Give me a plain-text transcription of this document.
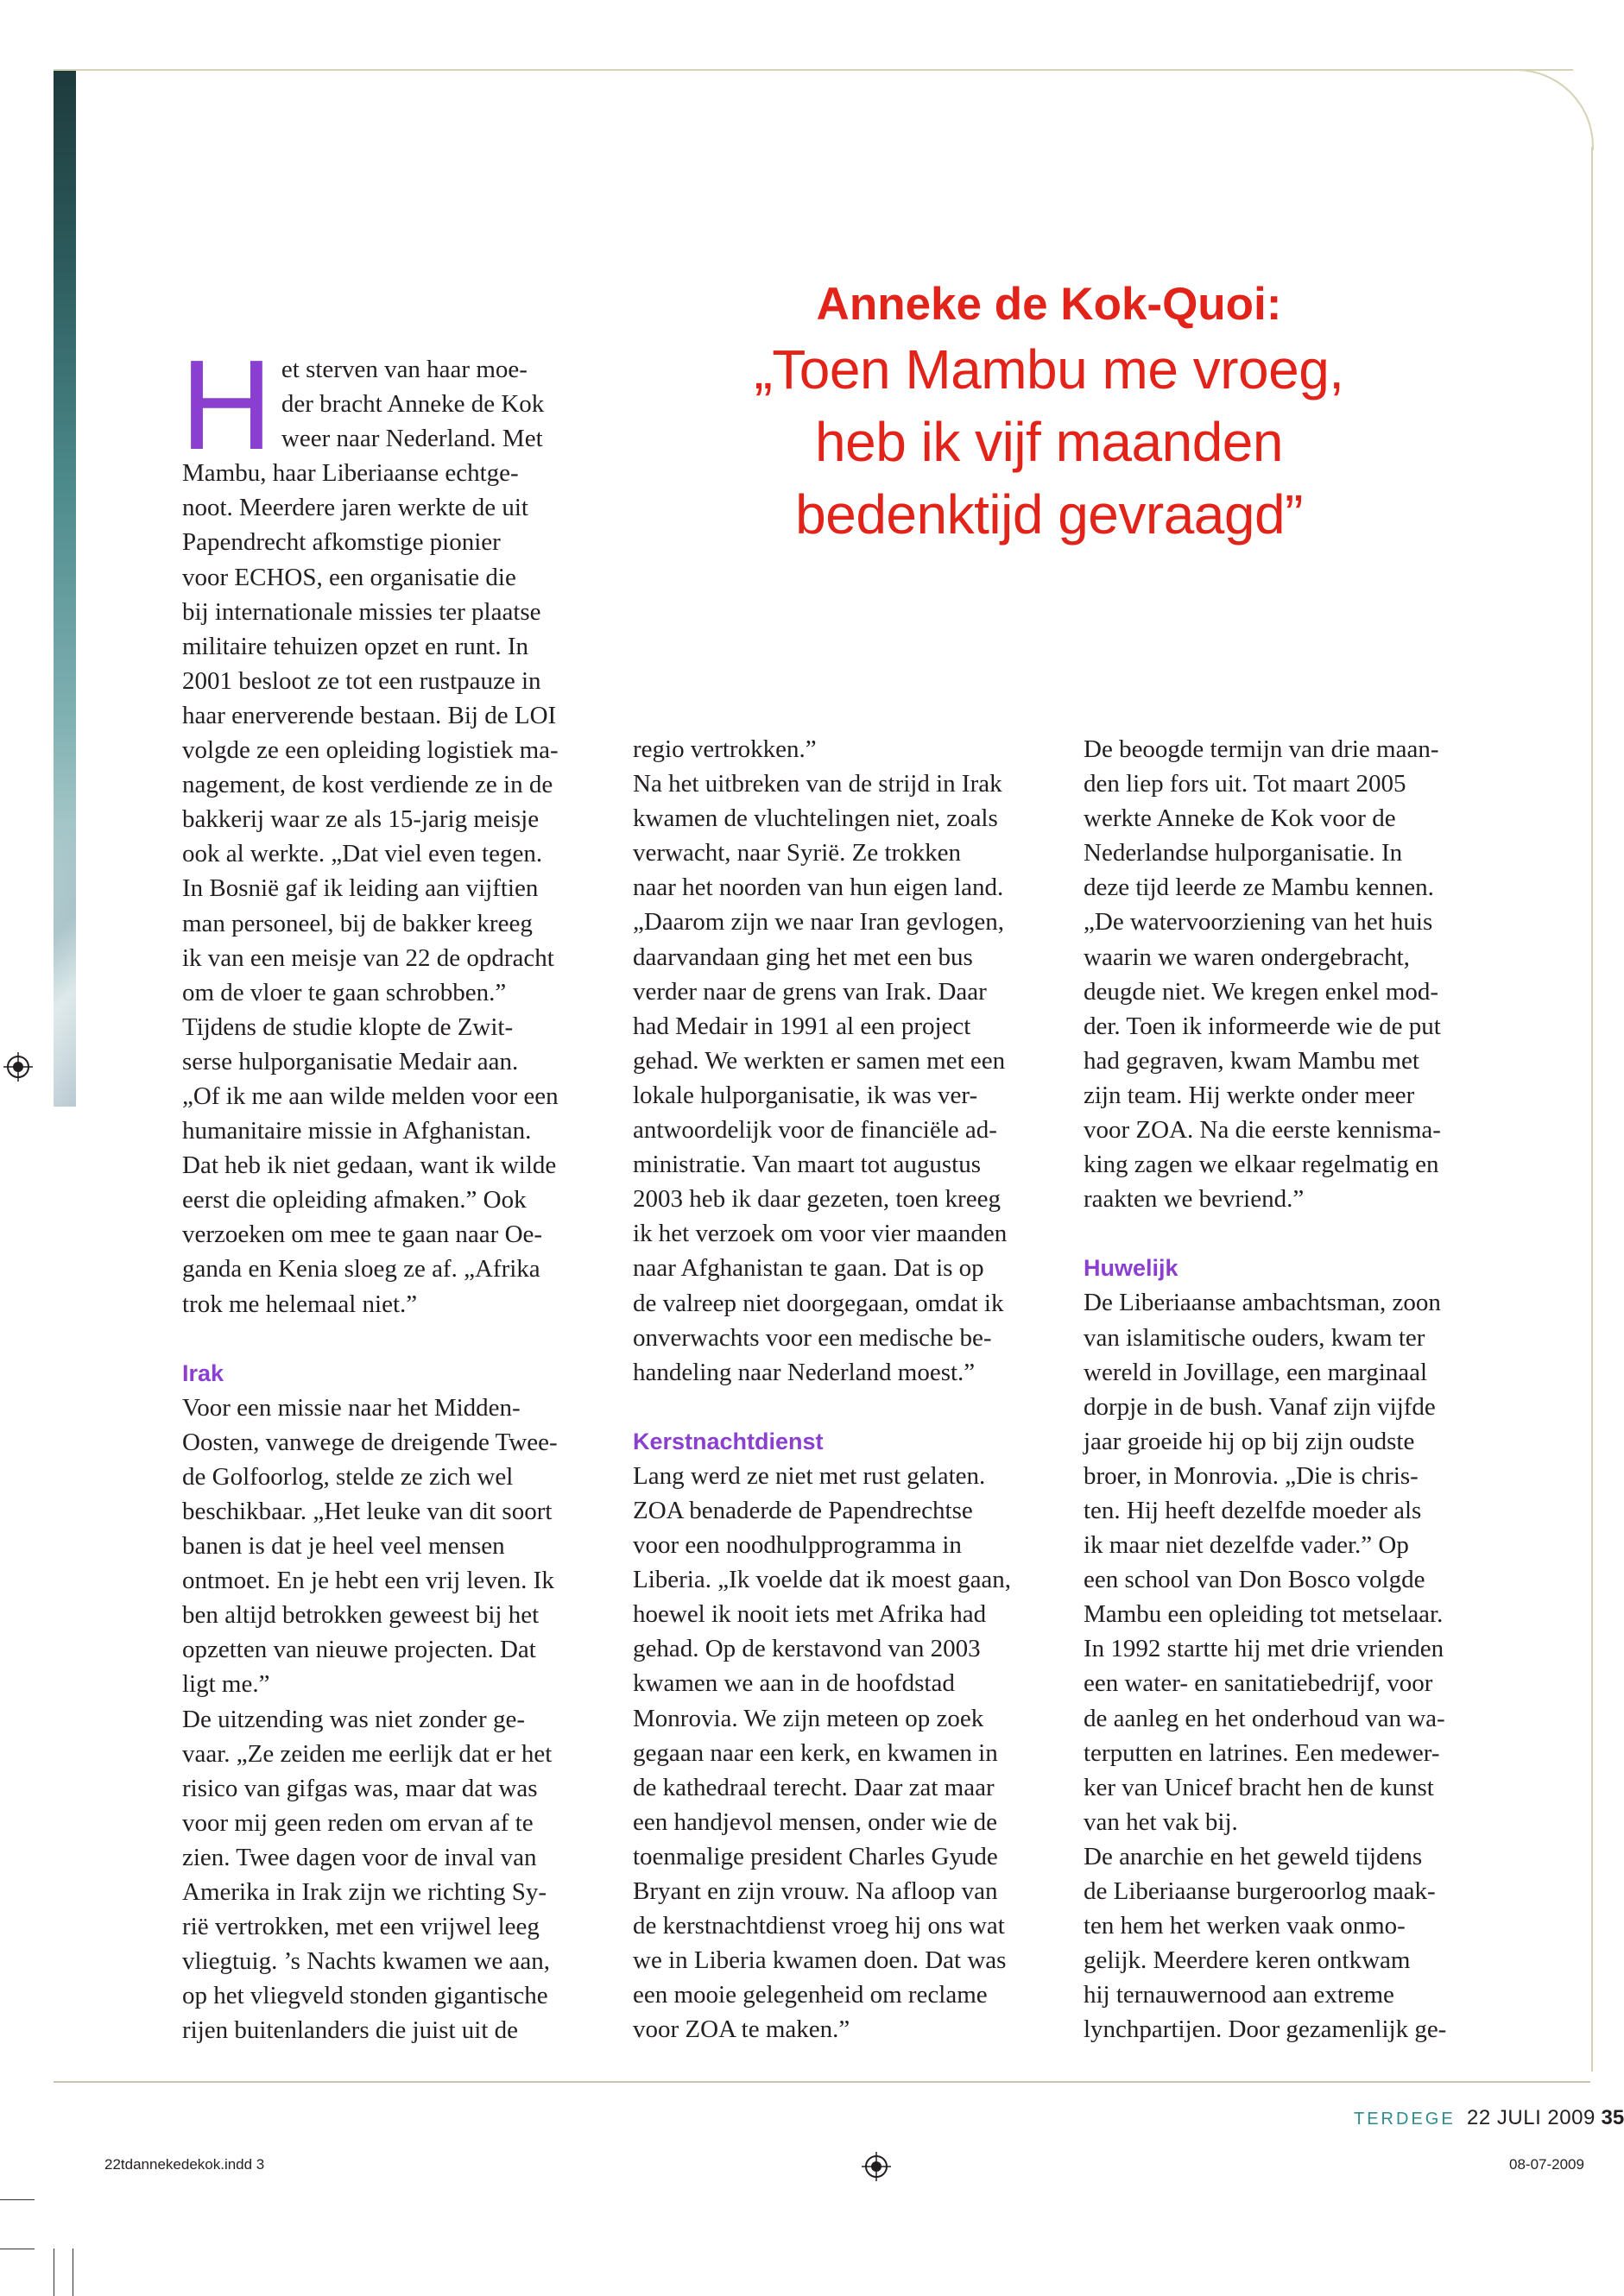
Anneke de Kok-Quoi:
„Toen Mambu me vroeg,
heb ik vijf maanden
bedenktijd gevraagd”
H et sterven van haar moe-
der bracht Anneke de Kok
weer naar Nederland. Met
Mambu, haar Liberiaanse echtge-
noot. Meerdere jaren werkte de uit
Papendrecht afkomstige pionier
voor ECHOS, een organisatie die
bij internationale missies ter plaatse
militaire tehuizen opzet en runt. In
2001 besloot ze tot een rustpauze in
haar enerverende bestaan. Bij de LOI
volgde ze een opleiding logistiek ma-
nagement, de kost verdiende ze in de
bakkerij waar ze als 15-jarig meisje
ook al werkte. „Dat viel even tegen.
In Bosnië gaf ik leiding aan vijftien
man personeel, bij de bakker kreeg
ik van een meisje van 22 de opdracht
om de vloer te gaan schrobben.”
Tijdens de studie klopte de Zwit-
serse hulporganisatie Medair aan.
„Of ik me aan wilde melden voor een
humanitaire missie in Afghanistan.
Dat heb ik niet gedaan, want ik wilde
eerst die opleiding afmaken.” Ook
verzoeken om mee te gaan naar Oe-
ganda en Kenia sloeg ze af. „Afrika
trok me helemaal niet.”

Irak

Voor een missie naar het Midden-
Oosten, vanwege de dreigende Twee-
de Golfoorlog, stelde ze zich wel
beschikbaar. „Het leuke van dit soort
banen is dat je heel veel mensen
ontmoet. En je hebt een vrij leven. Ik
ben altijd betrokken geweest bij het
opzetten van nieuwe projecten. Dat
ligt me.”
De uitzending was niet zonder ge-
vaar. „Ze zeiden me eerlijk dat er het
risico van gifgas was, maar dat was
voor mij geen reden om ervan af te
zien. Twee dagen voor de inval van
Amerika in Irak zijn we richting Sy-
rië vertrokken, met een vrijwel leeg
vliegtuig. ’s Nachts kwamen we aan,
op het vliegveld stonden gigantische
rijen buitenlanders die juist uit de
regio vertrokken.”
Na het uitbreken van de strijd in Irak
kwamen de vluchtelingen niet, zoals
verwacht, naar Syrië. Ze trokken
naar het noorden van hun eigen land.
„Daarom zijn we naar Iran gevlogen,
daarvandaan ging het met een bus
verder naar de grens van Irak. Daar
had Medair in 1991 al een project
gehad. We werkten er samen met een
lokale hulporganisatie, ik was ver-
antwoordelijk voor de financiële ad-
ministratie. Van maart tot augustus
2003 heb ik daar gezeten, toen kreeg
ik het verzoek om voor vier maanden
naar Afghanistan te gaan. Dat is op
de valreep niet doorgegaan, omdat ik
onverwachts voor een medische be-
handeling naar Nederland moest.”

Kerstnachtdienst

Lang werd ze niet met rust gelaten.
ZOA benaderde de Papendrechtse
voor een noodhulpprogramma in
Liberia. „Ik voelde dat ik moest gaan,
hoewel ik nooit iets met Afrika had
gehad. Op de kerstavond van 2003
kwamen we aan in de hoofdstad
Monrovia. We zijn meteen op zoek
gegaan naar een kerk, en kwamen in
de kathedraal terecht. Daar zat maar
een handjevol mensen, onder wie de
toenmalige president Charles Gyude
Bryant en zijn vrouw. Na afloop van
de kerstnachtdienst vroeg hij ons wat
we in Liberia kwamen doen. Dat was
een mooie gelegenheid om reclame
voor ZOA te maken.”
De beoogde termijn van drie maan-
den liep fors uit. Tot maart 2005
werkte Anneke de Kok voor de
Nederlandse hulporganisatie. In
deze tijd leerde ze Mambu kennen.
„De watervoorziening van het huis
waarin we waren ondergebracht,
deugde niet. We kregen enkel mod-
der. Toen ik informeerde wie de put
had gegraven, kwam Mambu met
zijn team. Hij werkte onder meer
voor ZOA. Na die eerste kennisma-
king zagen we elkaar regelmatig en
raakten we bevriend.”

Huwelijk

De Liberiaanse ambachtsman, zoon
van islamitische ouders, kwam ter
wereld in Jovillage, een marginaal
dorpje in de bush. Vanaf zijn vijfde
jaar groeide hij op bij zijn oudste
broer, in Monrovia. „Die is chris-
ten. Hij heeft dezelfde moeder als
ik maar niet dezelfde vader.” Op
een school van Don Bosco volgde
Mambu een opleiding tot metselaar.
In 1992 startte hij met drie vrienden
een water- en sanitatiebedrijf, voor
de aanleg en het onderhoud van wa-
terputten en latrines. Een medewer-
ker van Unicef bracht hen de kunst
van het vak bij.
De anarchie en het geweld tijdens
de Liberiaanse burgeroorlog maak-
ten hem het werken vaak onmo-
gelijk. Meerdere keren ontkwam
hij ternauwernood aan extreme
lynchpartijen. Door gezamenlijk ge-
TERDEGE 22 JULI 2009 35
22tdannekedekok.indd 3	08-07-2009
